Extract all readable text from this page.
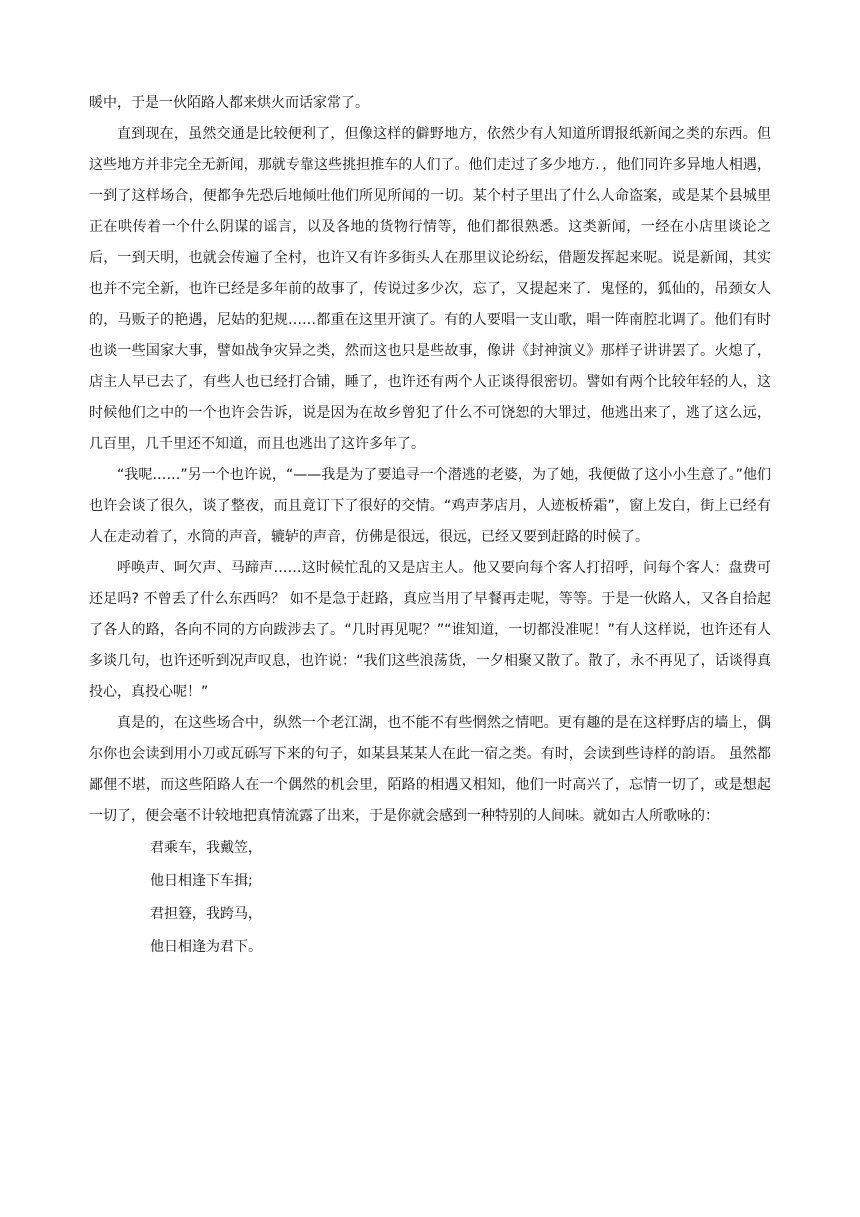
暖中，于是一伙陌路人都来烘火而话家常了。

直到现在，虽然交通是比较便利了，但像这样的僻野地方，依然少有人知道所谓报纸新闻之类的东西。但这些地方并非完全无新闻，那就专靠这些挑担推车的人们了。他们走过了多少地方．，他们同许多异地人相遇，一到了这样场合，便都争先恐后地倾吐他们所见所闻的一切。某个村子里出了什么人命盗案，或是某个县城里正在哄传着一个什么阴谋的谣言，以及各地的货物行情等，他们都很熟悉。这类新闻，一经在小店里谈论之后，一到天明，也就会传遍了全村，也许又有许多街头人在那里议论纷纭，借题发挥起来呢。说是新闻，其实也并不完全新，也许已经是多年前的故事了，传说过多少次，忘了，又提起来了．鬼怪的，狐仙的，吊颈女人的，马贩子的艳遇，尼姑的犯规……都重在这里开演了。有的人要唱一支山歌，唱一阵南腔北调了。他们有时也谈一些国家大事，譬如战争灾异之类，然而这也只是些故事，像讲《封神演义》那样子讲讲罢了。火熄了，店主人早已去了，有些人也已经打合铺，睡了，也许还有两个人正谈得很密切。譬如有两个比较年轻的人，这时候他们之中的一个也许会告诉，说是因为在故乡曾犯了什么不可饶恕的大罪过，他逃出来了，逃了这么远，几百里，几千里还不知道，而且也逃出了这许多年了。

“我呢……”另一个也许说，“——我是为了要追寻一个潜逃的老婆，为了她，我便做了这小小生意了。”他们也许会谈了很久，谈了整夜，而且竟订下了很好的交情。“鸡声茅店月，人迹板桥霜”，窗上发白，街上已经有人在走动着了，水筒的声音，辘轳的声音，仿佛是很远，很远，已经又要到赶路的时候了。

呼唤声、呵欠声、马蹄声……这时候忙乱的又是店主人。他又要向每个客人打招呼，问每个客人：盘费可还足吗? 不曾丢了什么东西吗？ 如不是急于赶路，真应当用了早餐再走呢，等等。于是一伙路人，又各自拾起了各人的路，各向不同的方向跋涉去了。“几时再见呢？”“谁知道，一切都没准呢！”有人这样说，也许还有人多谈几句，也许还听到况声叹息，也许说：“我们这些浪荡货，一夕相聚又散了。散了，永不再见了，话谈得真投心，真投心呢！”

真是的，在这些场合中，纵然一个老江湖，也不能不有些惘然之情吧。更有趣的是在这样野店的墙上，偶尔你也会读到用小刀或瓦砾写下来的句子，如某县某某人在此一宿之类。有时，会读到些诗样的韵语。 虽然都鄙俚不堪，而这些陌路人在一个偶然的机会里，陌路的相遇又相知，他们一时高兴了，忘情一切了，或是想起一切了，便会毫不计较地把真情流露了出来，于是你就会感到一种特别的人间味。就如古人所歌咏的：

君乘车，我戴笠，
他日相逢下车揖;
君担簦，我跨马，
他日相逢为君下。
